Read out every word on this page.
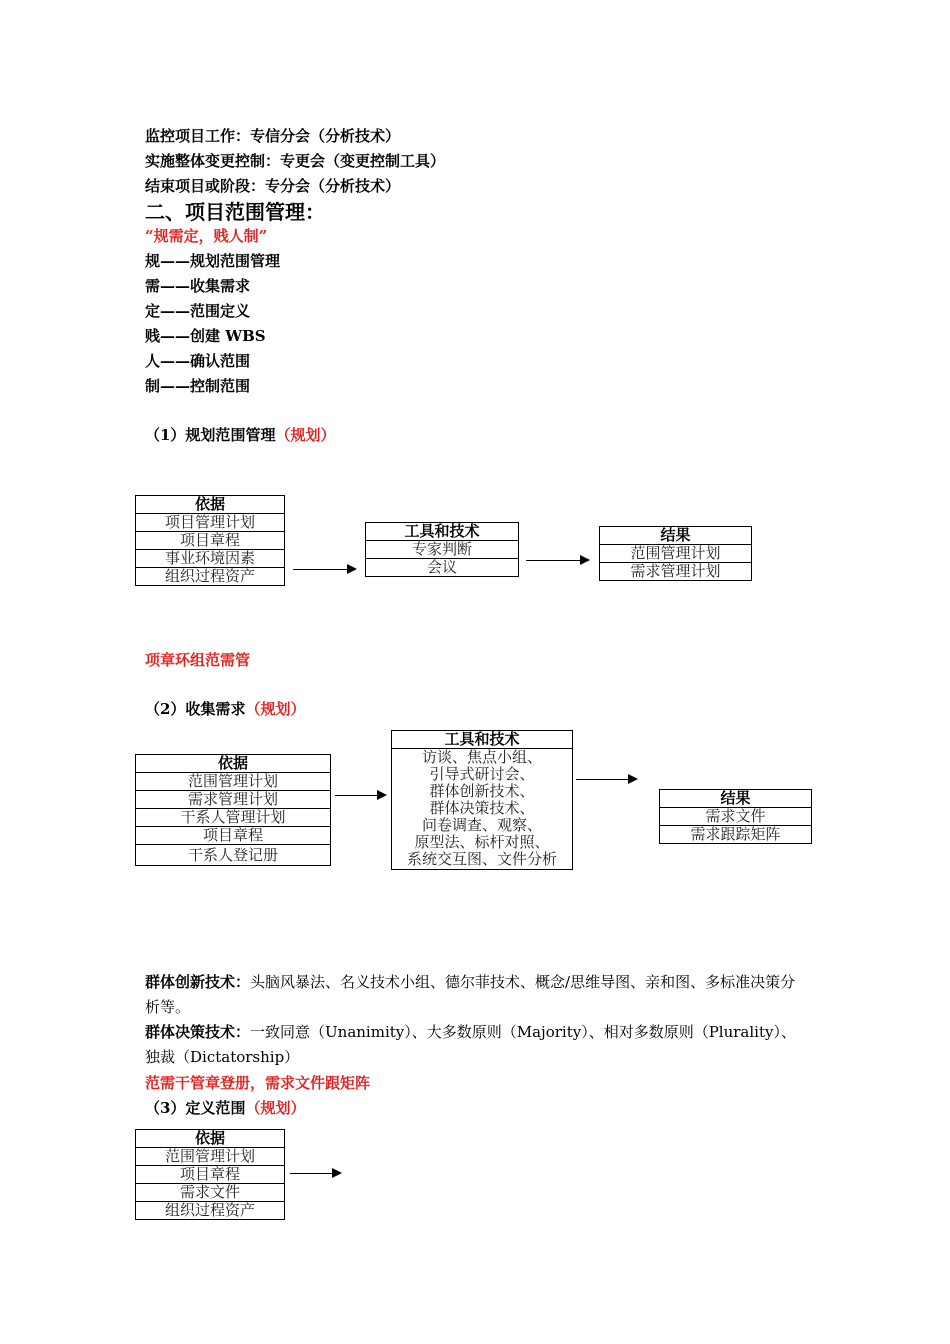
监控项目工作：专信分会（分析技术）
实施整体变更控制：专更会（变更控制工具）
结束项目或阶段：专分会（分析技术）
二、项目范围管理：
“规需定，贱人制”
规——规划范围管理
需——收集需求
定——范围定义
贱——创建 WBS
人——确认范围
制——控制范围
（1）规划范围管理（规划）
依据
项目管理计划
项目章程
事业环境因素
组织过程资产
工具和技术
专家判断
会议
结果
范围管理计划
需求管理计划
项章环组范需管
（2）收集需求（规划）
依据
范围管理计划
需求管理计划
干系人管理计划
项目章程
干系人登记册
工具和技术
访谈、焦点小组、
引导式研讨会、
群体创新技术、
群体决策技术、
问卷调查、观察、
原型法、标杆对照、
系统交互图、文件分析
结果
需求文件
需求跟踪矩阵
群体创新技术：头脑风暴法、名义技术小组、德尔菲技术、概念/思维导图、亲和图、多标准决策分析等。
群体决策技术：一致同意（Unanimity）、大多数原则（Majority）、相对多数原则（Plurality）、独裁（Dictatorship）
范需干管章登册，需求文件跟矩阵
（3）定义范围（规划）
依据
范围管理计划
项目章程
需求文件
组织过程资产
